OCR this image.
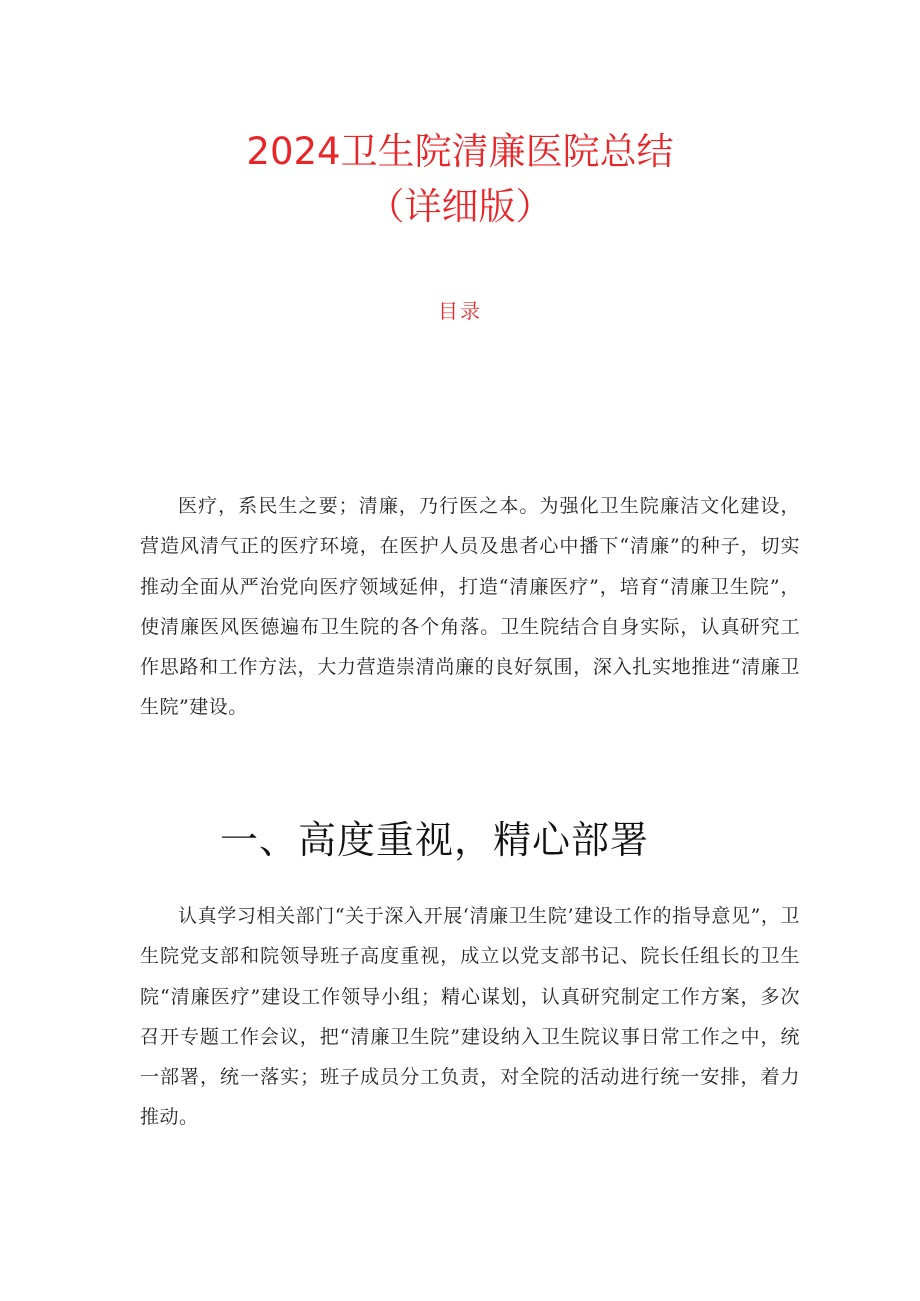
2024卫生院清廉医院总结
（详细版）
目录

医疗，系民生之要；清廉，乃行医之本。为强化卫生院廉洁文化建设，营造风清气正的医疗环境，在医护人员及患者心中播下“清廉”的种子，切实推动全面从严治党向医疗领域延伸，打造“清廉医疗”，培育“清廉卫生院”，使清廉医风医德遍布卫生院的各个角落。卫生院结合自身实际，认真研究工作思路和工作方法，大力营造崇清尚廉的良好氛围，深入扎实地推进“清廉卫生院”建设。

一、高度重视，精心部署

认真学习相关部门“关于深入开展‘清廉卫生院’建设工作的指导意见”，卫生院党支部和院领导班子高度重视，成立以党支部书记、院长任组长的卫生院“清廉医疗”建设工作领导小组；精心谋划，认真研究制定工作方案，多次召开专题工作会议，把“清廉卫生院”建设纳入卫生院议事日常工作之中，统一部署，统一落实；班子成员分工负责，对全院的活动进行统一安排，着力推动。
